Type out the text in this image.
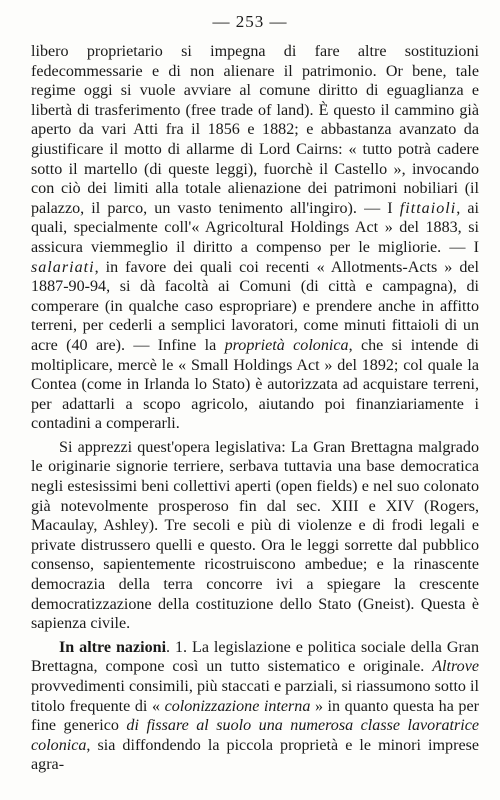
— 253 —

libero proprietario si impegna di fare altre sostituzioni fedecommessarie e di non alienare il patrimonio. Or bene, tale regime oggi si vuole avviare al comune diritto di eguaglianza e libertà di trasferimento (free trade of land). È questo il cammino già aperto da vari Atti fra il 1856 e 1882; e abbastanza avanzato da giustificare il motto di allarme di Lord Cairns: « tutto potrà cadere sotto il martello (di queste leggi), fuorchè il Castello », invocando con ciò dei limiti alla totale alienazione dei patrimoni nobiliari (il palazzo, il parco, un vasto tenimento all'ingiro). — I fittaioli, ai quali, specialmente coll'« Agricoltural Holdings Act » del 1883, si assicura viemmeglio il diritto a compenso per le migliorie. — I salariati, in favore dei quali coi recenti « Allotments-Acts » del 1887-90-94, si dà facoltà ai Comuni (di città e campagna), di comperare (in qualche caso espropriare) e prendere anche in affitto terreni, per cederli a semplici lavoratori, come minuti fittaioli di un acre (40 are). — Infine la proprietà colonica, che si intende di moltiplicare, mercè le « Small Holdings Act » del 1892; col quale la Contea (come in Irlanda lo Stato) è autorizzata ad acquistare terreni, per adattarli a scopo agricolo, aiutando poi finanziariamente i contadini a comperarli.

Si apprezzi quest'opera legislativa: La Gran Brettagna malgrado le originarie signorie terriere, serbava tuttavia una base democratica negli estesissimi beni collettivi aperti (open fields) e nel suo colonato già notevolmente prosperoso fin dal sec. XIII e XIV (Rogers, Macaulay, Ashley). Tre secoli e più di violenze e di frodi legali e private distrussero quelli e questo. Ora le leggi sorrette dal pubblico consenso, sapientemente ricostruiscono ambedue; e la rinascente democrazia della terra concorre ivi a spiegare la crescente democratizzazione della costituzione dello Stato (Gneist). Questa è sapienza civile.

In altre nazioni. 1. La legislazione e politica sociale della Gran Brettagna, compone così un tutto sistematico e originale. Altrove provvedimenti consimili, più staccati e parziali, si riassumono sotto il titolo frequente di « colonizzazione interna » in quanto questa ha per fine generico di fissare al suolo una numerosa classe lavoratrice colonica, sia diffondendo la piccola proprietà e le minori imprese agra-
